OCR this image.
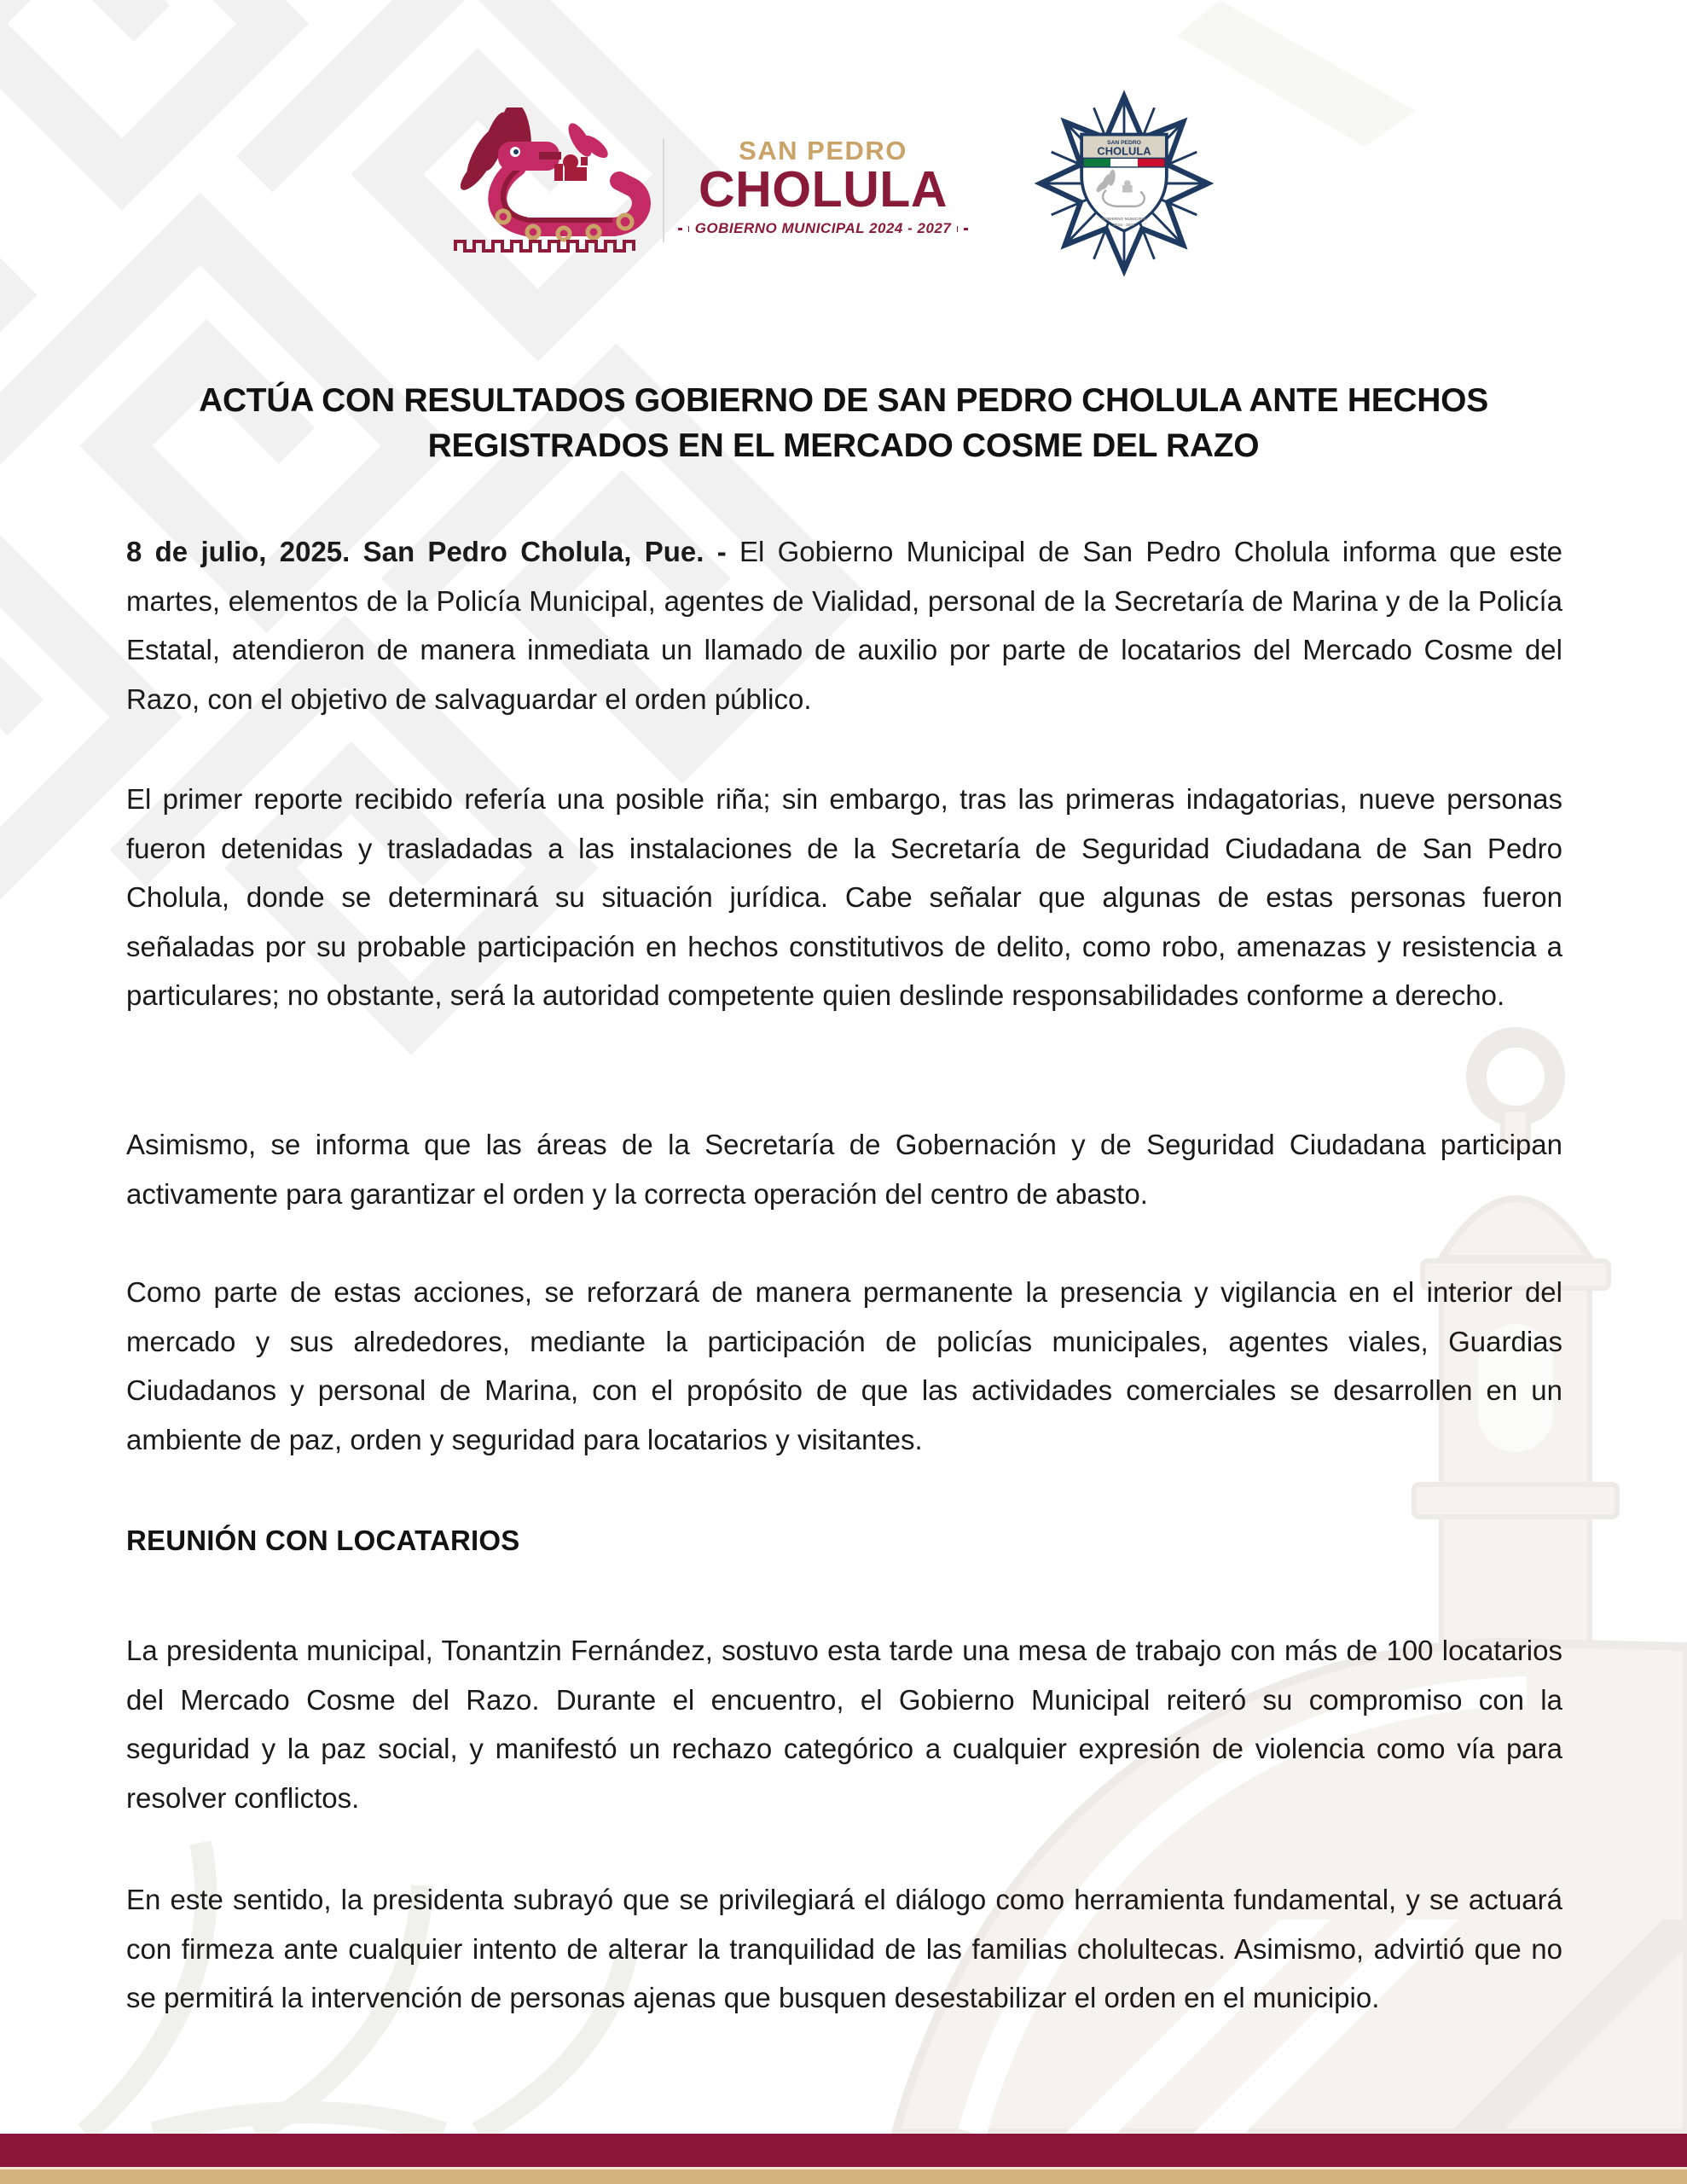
SAN PEDRO
CHOLULA
GOBIERNO MUNICIPAL 2024 - 2027
SAN PEDRO
CHOLULA
GOBIERNO MUNICIPAL
2024 - 2027
ACTÚA CON RESULTADOS GOBIERNO DE SAN PEDRO CHOLULA ANTE HECHOS
REGISTRADOS EN EL MERCADO COSME DEL RAZO

8 de julio, 2025. San Pedro Cholula, Pue. - El Gobierno Municipal de San Pedro Cholula informa que este martes, elementos de la Policía Municipal, agentes de Vialidad, personal de la Secretaría de Marina y de la Policía Estatal, atendieron de manera inmediata un llamado de auxilio por parte de locatarios del Mercado Cosme del Razo, con el objetivo de salvaguardar el orden público.

El primer reporte recibido refería una posible riña; sin embargo, tras las primeras indagatorias, nueve personas fueron detenidas y trasladadas a las instalaciones de la Secretaría de Seguridad Ciudadana de San Pedro Cholula, donde se determinará su situación jurídica. Cabe señalar que algunas de estas personas fueron señaladas por su probable participación en hechos constitutivos de delito, como robo, amenazas y resistencia a particulares; no obstante, será la autoridad competente quien deslinde responsabilidades conforme a derecho.

Asimismo, se informa que las áreas de la Secretaría de Gobernación y de Seguridad Ciudadana participan activamente para garantizar el orden y la correcta operación del centro de abasto.

Como parte de estas acciones, se reforzará de manera permanente la presencia y vigilancia en el interior del mercado y sus alrededores, mediante la participación de policías municipales, agentes viales, Guardias Ciudadanos y personal de Marina, con el propósito de que las actividades comerciales se desarrollen en un ambiente de paz, orden y seguridad para locatarios y visitantes.

REUNIÓN CON LOCATARIOS

La presidenta municipal, Tonantzin Fernández, sostuvo esta tarde una mesa de trabajo con más de 100 locatarios del Mercado Cosme del Razo. Durante el encuentro, el Gobierno Municipal reiteró su compromiso con la seguridad y la paz social, y manifestó un rechazo categórico a cualquier expresión de violencia como vía para resolver conflictos.

En este sentido, la presidenta subrayó que se privilegiará el diálogo como herramienta fundamental, y se actuará con firmeza ante cualquier intento de alterar la tranquilidad de las familias cholultecas. Asimismo, advirtió que no se permitirá la intervención de personas ajenas que busquen desestabilizar el orden en el municipio.
